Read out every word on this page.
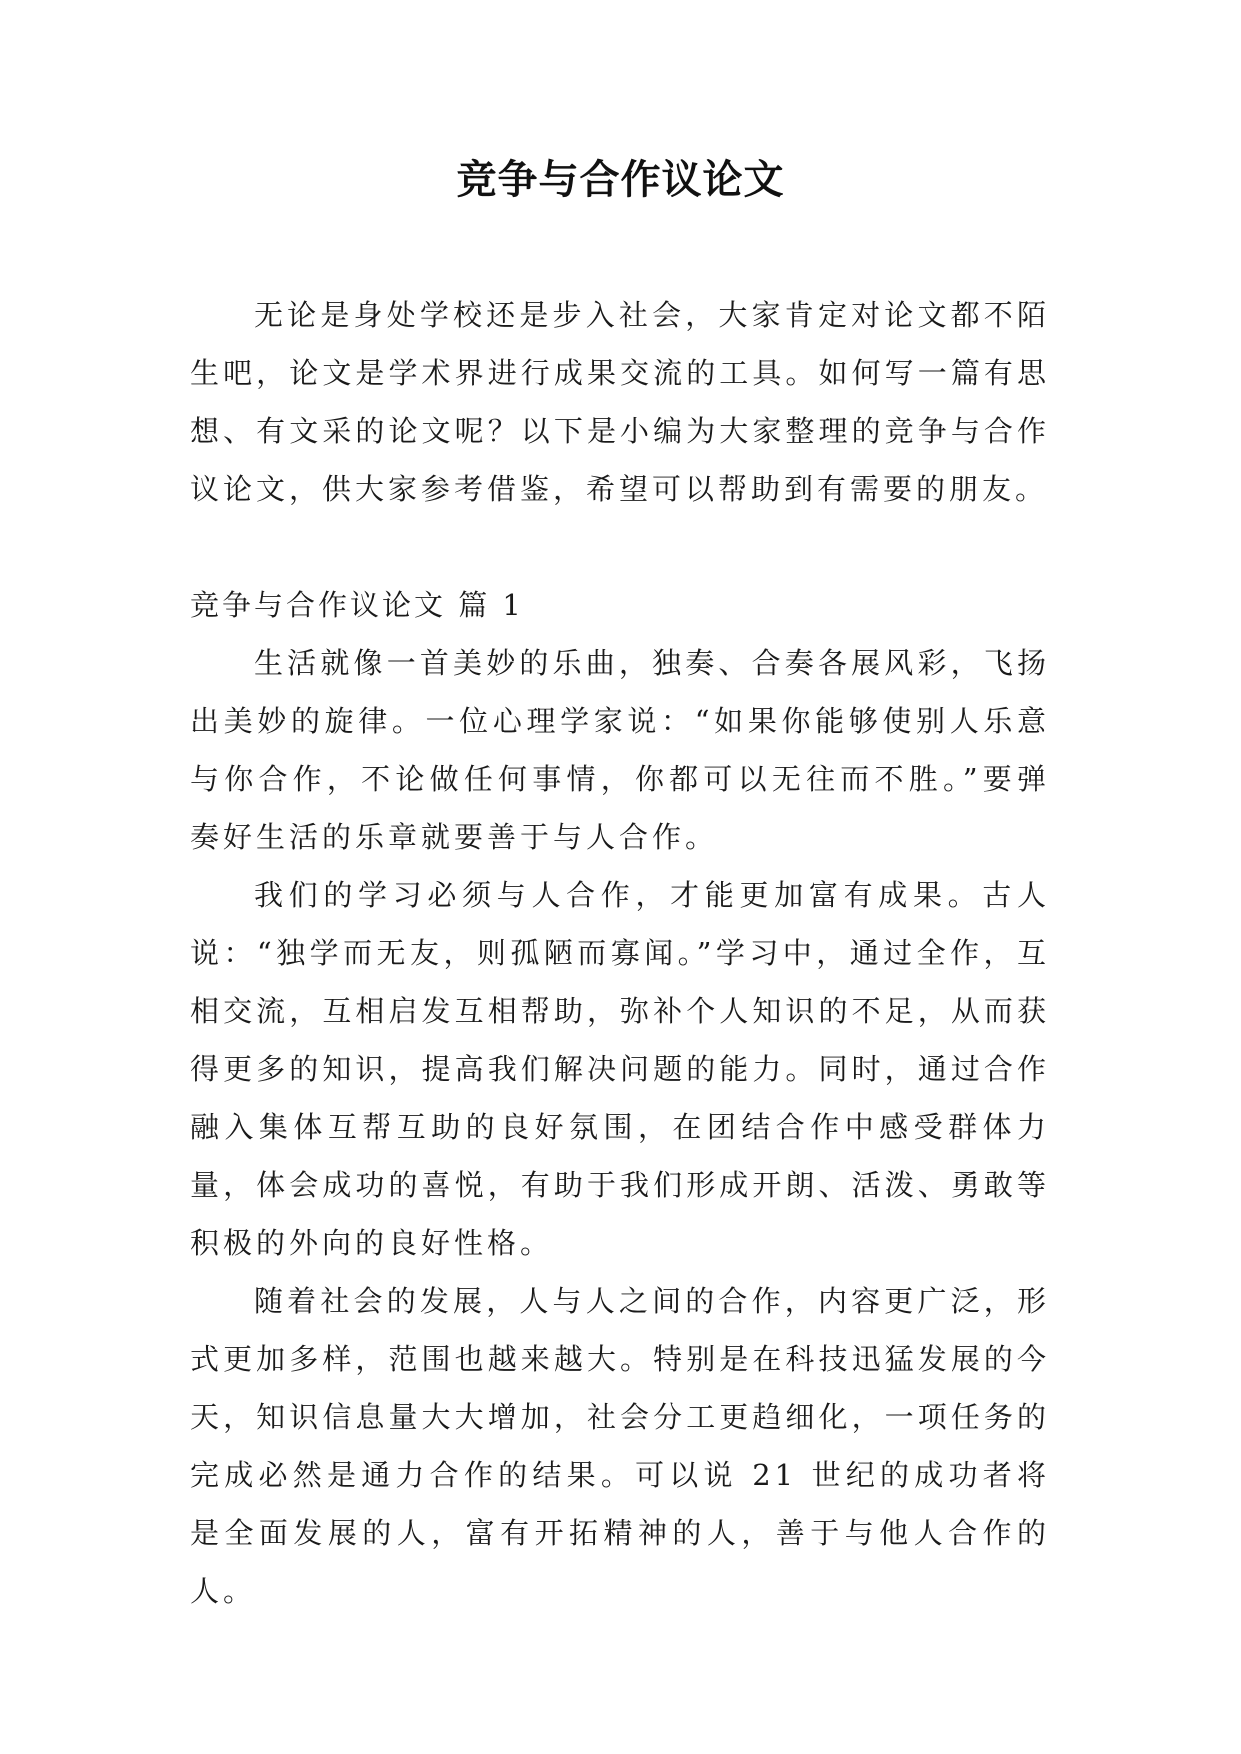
竞争与合作议论文
无论是身处学校还是步入社会，大家肯定对论文都不陌生吧，论文是学术界进行成果交流的工具。如何写一篇有思想、有文采的论文呢？以下是小编为大家整理的竞争与合作议论文，供大家参考借鉴，希望可以帮助到有需要的朋友。
竞争与合作议论文 篇 1
生活就像一首美妙的乐曲，独奏、合奏各展风彩，飞扬出美妙的旋律。一位心理学家说：“如果你能够使别人乐意与你合作，不论做任何事情，你都可以无往而不胜。”要弹奏好生活的乐章就要善于与人合作。
我们的学习必须与人合作，才能更加富有成果。古人说：“独学而无友，则孤陋而寡闻。”学习中，通过全作，互相交流，互相启发互相帮助，弥补个人知识的不足，从而获得更多的知识，提高我们解决问题的能力。同时，通过合作融入集体互帮互助的良好氛围，在团结合作中感受群体力量，体会成功的喜悦，有助于我们形成开朗、活泼、勇敢等积极的外向的良好性格。
随着社会的发展，人与人之间的合作，内容更广泛，形式更加多样，范围也越来越大。特别是在科技迅猛发展的今天，知识信息量大大增加，社会分工更趋细化，一项任务的完成必然是通力合作的结果。可以说 21 世纪的成功者将是全面发展的人，富有开拓精神的人，善于与他人合作的人。
